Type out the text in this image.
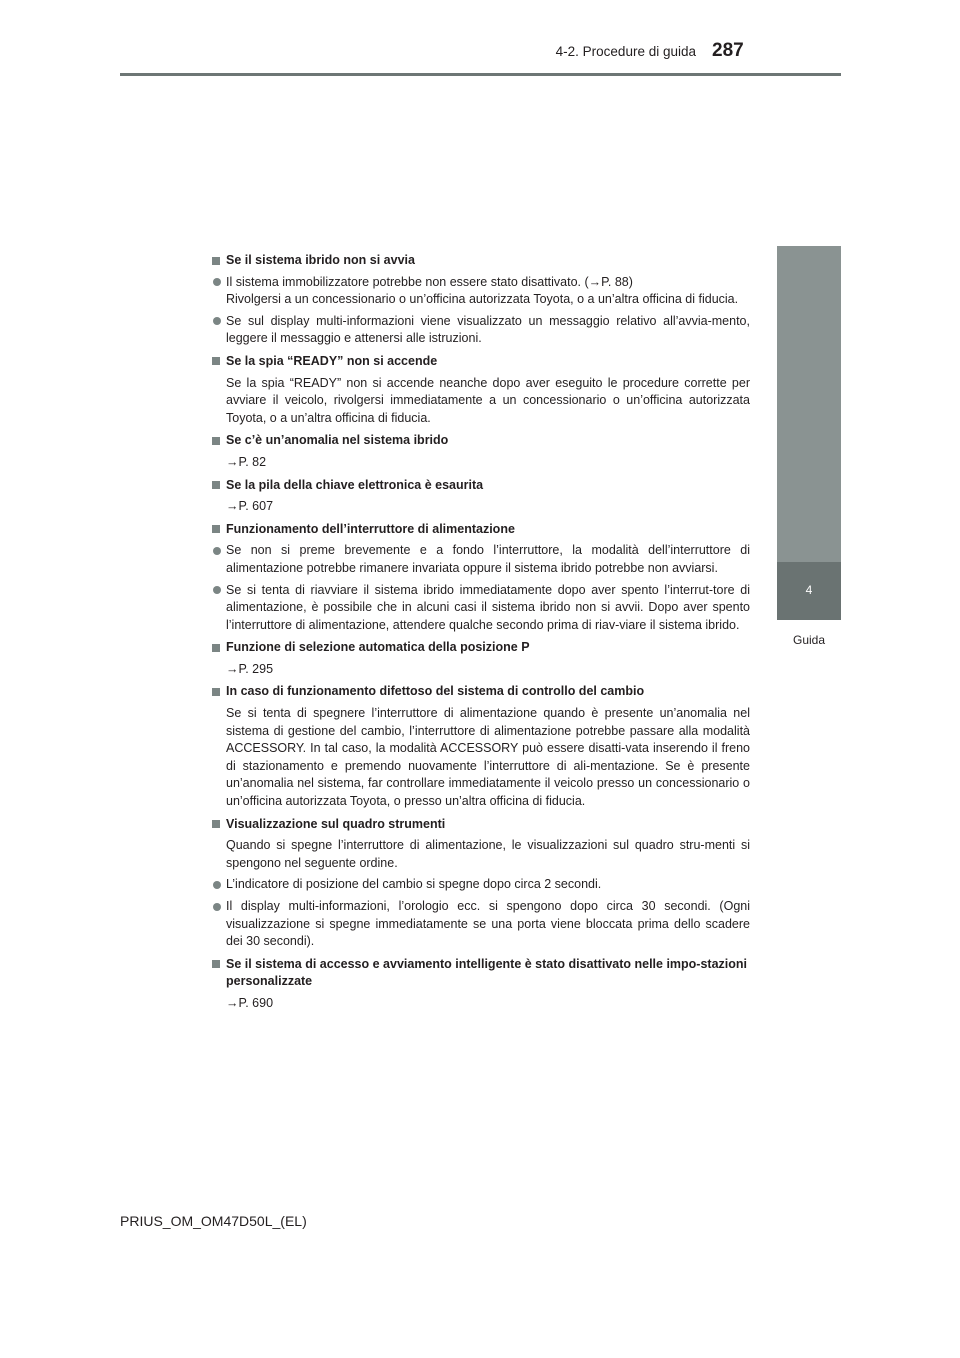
4-2. Procedure di guida 287
4
Guida
Se il sistema ibrido non si avvia
Il sistema immobilizzatore potrebbe non essere stato disattivato. (→P. 88)
Rivolgersi a un concessionario o un’officina autorizzata Toyota, o a un’altra officina di fiducia.
Se sul display multi-informazioni viene visualizzato un messaggio relativo all’avvia-mento, leggere il messaggio e attenersi alle istruzioni.
Se la spia “READY” non si accende
Se la spia “READY” non si accende neanche dopo aver eseguito le procedure corrette per avviare il veicolo, rivolgersi immediatamente a un concessionario o un’officina autorizzata Toyota, o a un’altra officina di fiducia.
Se c’è un’anomalia nel sistema ibrido
→P. 82
Se la pila della chiave elettronica è esaurita
→P. 607
Funzionamento dell’interruttore di alimentazione
Se non si preme brevemente e a fondo l’interruttore, la modalità dell’interruttore di alimentazione potrebbe rimanere invariata oppure il sistema ibrido potrebbe non avviarsi.
Se si tenta di riavviare il sistema ibrido immediatamente dopo aver spento l’interrut-tore di alimentazione, è possibile che in alcuni casi il sistema ibrido non si avvii. Dopo aver spento l’interruttore di alimentazione, attendere qualche secondo prima di riav-viare il sistema ibrido.
Funzione di selezione automatica della posizione P
→P. 295
In caso di funzionamento difettoso del sistema di controllo del cambio
Se si tenta di spegnere l’interruttore di alimentazione quando è presente un’anomalia nel sistema di gestione del cambio, l’interruttore di alimentazione potrebbe passare alla modalità ACCESSORY. In tal caso, la modalità ACCESSORY può essere disatti-vata inserendo il freno di stazionamento e premendo nuovamente l’interruttore di ali-mentazione. Se è presente un’anomalia nel sistema, far controllare immediatamente il veicolo presso un concessionario o un’officina autorizzata Toyota, o presso un’altra officina di fiducia.
Visualizzazione sul quadro strumenti
Quando si spegne l’interruttore di alimentazione, le visualizzazioni sul quadro stru-menti si spengono nel seguente ordine.
L’indicatore di posizione del cambio si spegne dopo circa 2 secondi.
Il display multi-informazioni, l’orologio ecc. si spengono dopo circa 30 secondi. (Ogni visualizzazione si spegne immediatamente se una porta viene bloccata prima dello scadere dei 30 secondi).
Se il sistema di accesso e avviamento intelligente è stato disattivato nelle impo-stazioni personalizzate
→P. 690
PRIUS_OM_OM47D50L_(EL)
